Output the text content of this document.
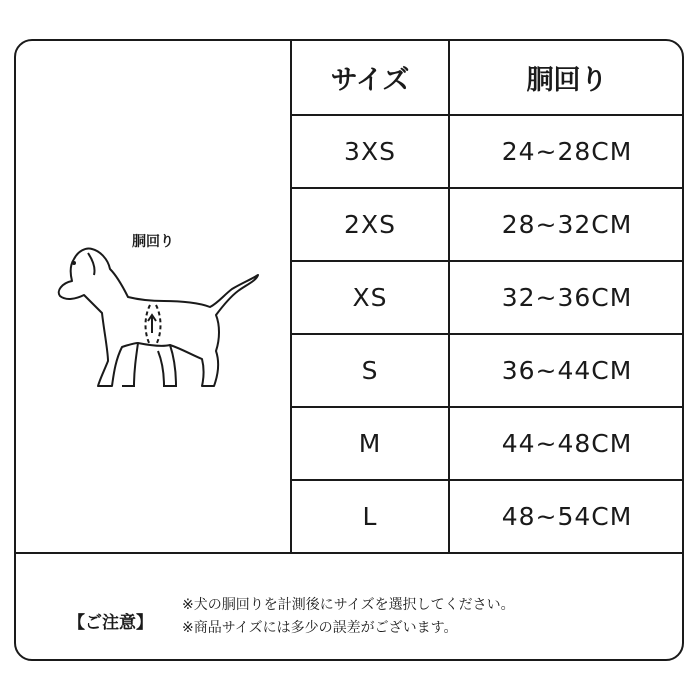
胴回り
サイズ	胴回り
3XS	24~28CM
2XS	28~32CM
XS	32~36CM
S	36~44CM
M	44~48CM
L	48~54CM
【ご注意】
※犬の胴回りを計測後にサイズを選択してください。
※商品サイズには多少の誤差がございます。
